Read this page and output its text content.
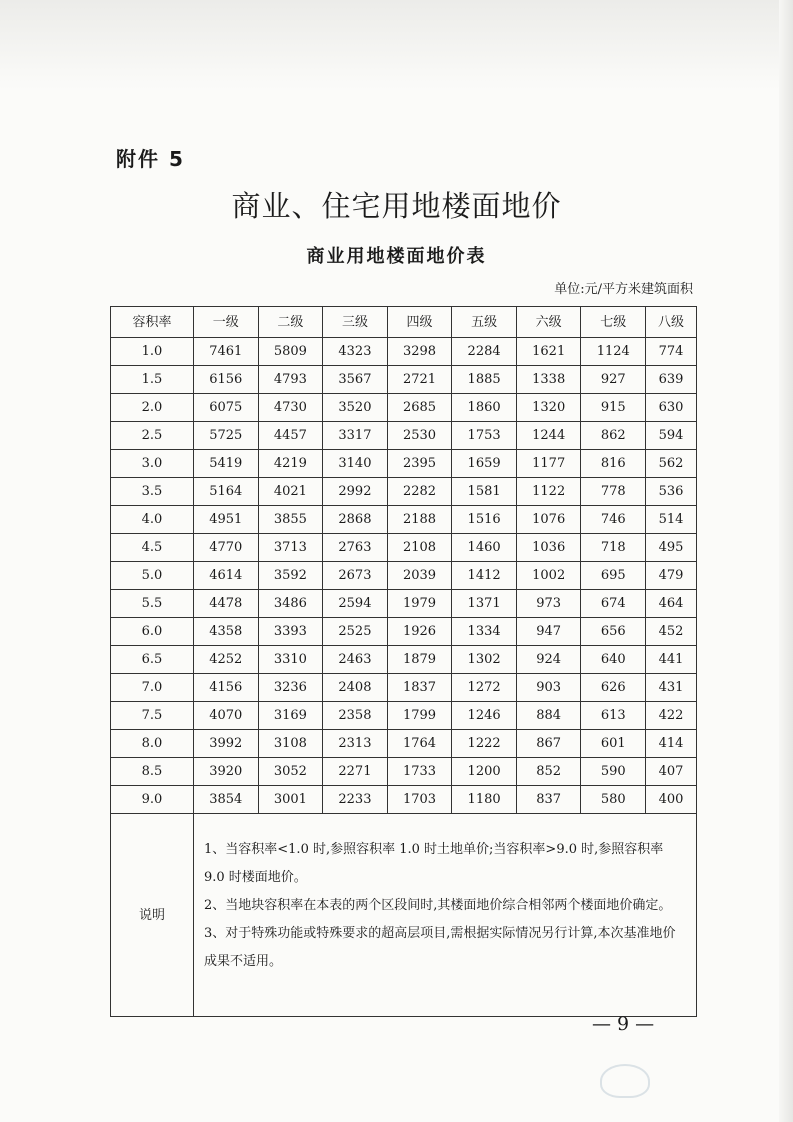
附件 5
商业、住宅用地楼面地价
商业用地楼面地价表
单位:元/平方米建筑面积
容积率	一级	二级	三级	四级	五级	六级	七级	八级
1.0	7461	5809	4323	3298	2284	1621	1124	774
1.5	6156	4793	3567	2721	1885	1338	927	639
2.0	6075	4730	3520	2685	1860	1320	915	630
2.5	5725	4457	3317	2530	1753	1244	862	594
3.0	5419	4219	3140	2395	1659	1177	816	562
3.5	5164	4021	2992	2282	1581	1122	778	536
4.0	4951	3855	2868	2188	1516	1076	746	514
4.5	4770	3713	2763	2108	1460	1036	718	495
5.0	4614	3592	2673	2039	1412	1002	695	479
5.5	4478	3486	2594	1979	1371	973	674	464
6.0	4358	3393	2525	1926	1334	947	656	452
6.5	4252	3310	2463	1879	1302	924	640	441
7.0	4156	3236	2408	1837	1272	903	626	431
7.5	4070	3169	2358	1799	1246	884	613	422
8.0	3992	3108	2313	1764	1222	867	601	414
8.5	3920	3052	2271	1733	1200	852	590	407
9.0	3854	3001	2233	1703	1180	837	580	400
说明	1、当容积率<1.0 时,参照容积率 1.0 时土地单价;当容积率>9.0 时,参照容积率 9.0 时楼面地价。
2、当地块容积率在本表的两个区段间时,其楼面地价综合相邻两个楼面地价确定。
3、对于特殊功能或特殊要求的超高层项目,需根据实际情况另行计算,本次基准地价成果不适用。							
— 9 —
